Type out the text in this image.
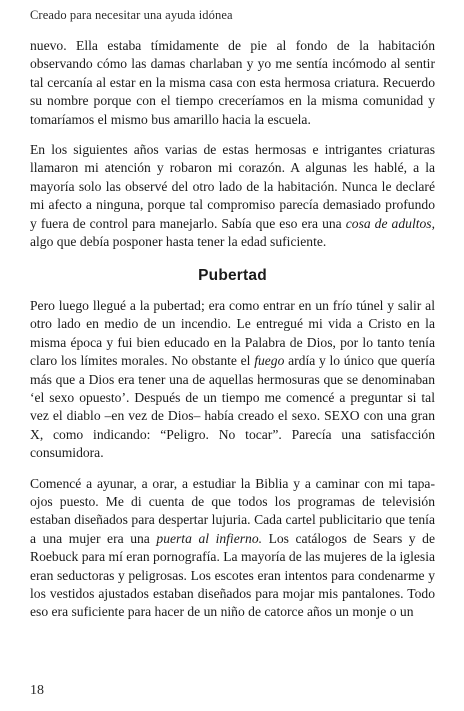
Creado para necesitar una ayuda idónea

nuevo. Ella estaba tímidamente de pie al fondo de la habitación observando cómo las damas charlaban y yo me sentía incómodo al sentir tal cercanía al estar en la misma casa con esta hermosa criatura. Recuerdo su nombre porque con el tiempo creceríamos en la misma comunidad y tomaríamos el mismo bus amarillo hacia la escuela.

En los siguientes años varias de estas hermosas e intrigantes criaturas llamaron mi atención y robaron mi corazón. A algunas les hablé, a la mayoría solo las observé del otro lado de la habitación. Nunca le declaré mi afecto a ninguna, porque tal compromiso parecía demasiado profundo y fuera de control para manejarlo. Sabía que eso era una cosa de adultos, algo que debía posponer hasta tener la edad suficiente.

Pubertad

Pero luego llegué a la pubertad; era como entrar en un frío túnel y salir al otro lado en medio de un incendio. Le entregué mi vida a Cristo en la misma época y fui bien educado en la Palabra de Dios, por lo tanto tenía claro los límites morales. No obstante el fuego ardía y lo único que quería más que a Dios era tener una de aquellas hermosuras que se denominaban ‘el sexo opuesto’. Después de un tiempo me comencé a preguntar si tal vez el diablo –en vez de Dios– había creado el sexo. SEXO con una gran X, como indicando: “Peligro. No tocar”. Parecía una satisfacción consumidora.

Comencé a ayunar, a orar, a estudiar la Biblia y a caminar con mi tapa-ojos puesto. Me di cuenta de que todos los programas de televisión estaban diseñados para despertar lujuria. Cada cartel publicitario que tenía a una mujer era una puerta al infierno. Los catálogos de Sears y de Roebuck para mí eran pornografía. La mayoría de las mujeres de la iglesia eran seductoras y peligrosas. Los escotes eran intentos para condenarme y los vestidos ajustados estaban diseñados para mojar mis pantalones. Todo eso era suficiente para hacer de un niño de catorce años un monje o un

18
